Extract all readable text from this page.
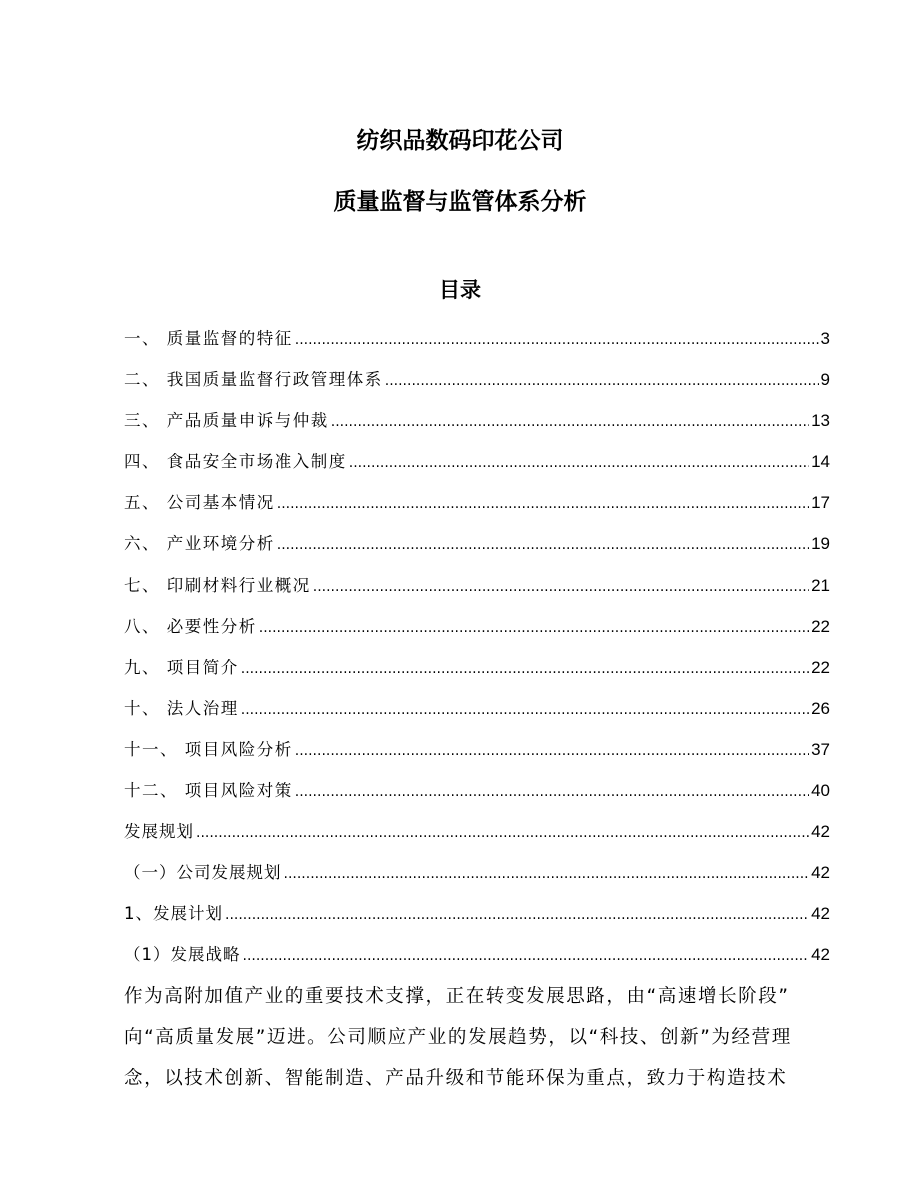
纺织品数码印花公司
质量监督与监管体系分析
目录
一、 质量监督的特征 .....	3
二、 我国质量监督行政管理体系 .....	9
三、 产品质量申诉与仲裁 .....	13
四、 食品安全市场准入制度 .....	14
五、 公司基本情况 .....	17
六、 产业环境分析 .....	19
七、 印刷材料行业概况 .....	21
八、 必要性分析 .....	22
九、 项目简介 .....	22
十、 法人治理 .....	26
十一、 项目风险分析 .....	37
十二、 项目风险对策 .....	40
发展规划 .....	42
（一）公司发展规划 .....	42
1、发展计划 .....	42
（1）发展战略 .....	42

作为高附加值产业的重要技术支撑，正在转变发展思路，由“高速增长阶段”
向“高质量发展”迈进。公司顺应产业的发展趋势，以“科技、创新”为经营理
念，以技术创新、智能制造、产品升级和节能环保为重点，致力于构造技术
